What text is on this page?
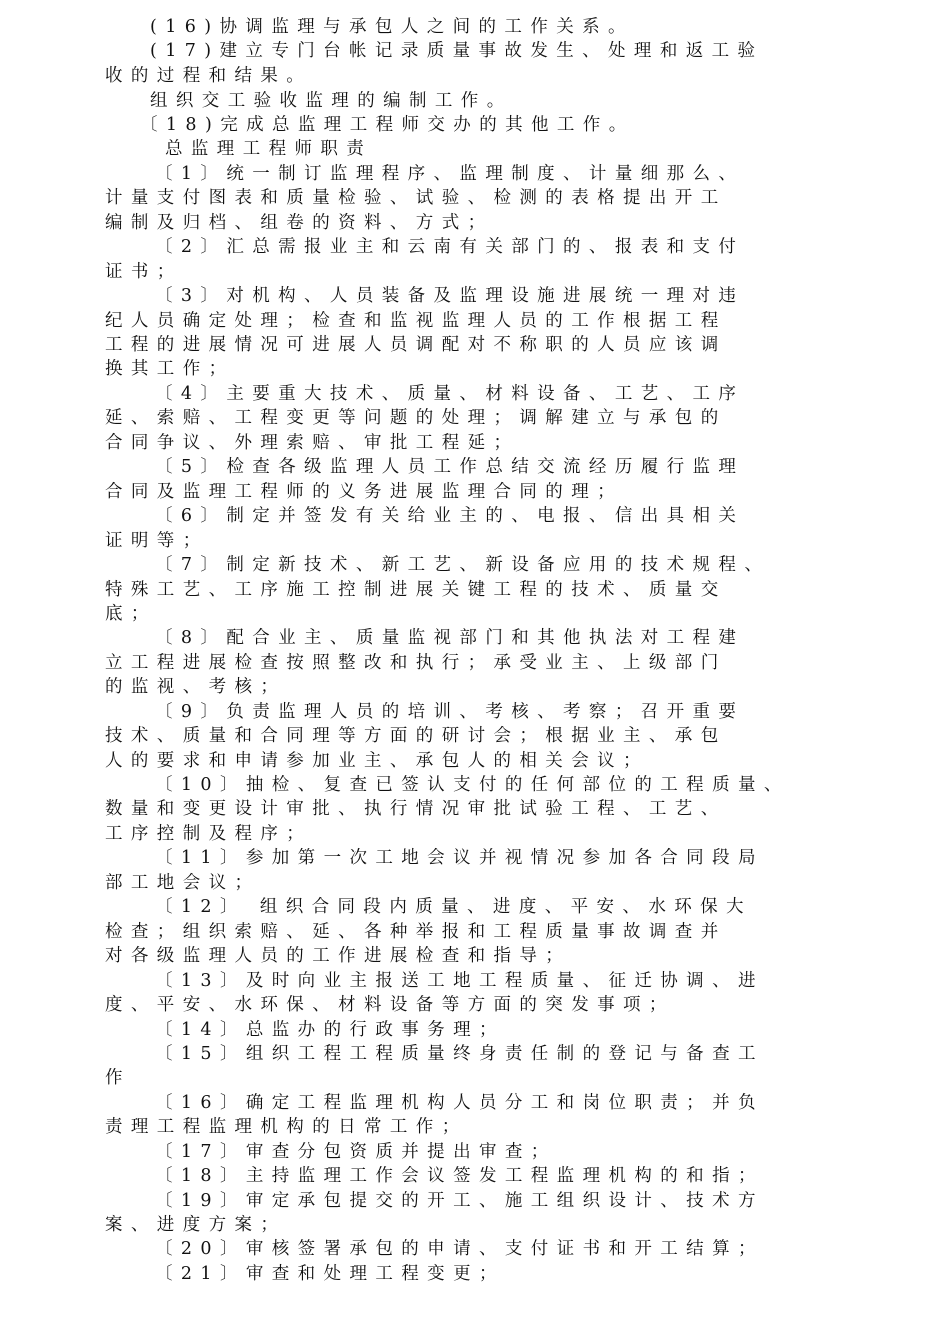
(16)协调监理与承包人之间的工作关系。
(17)建立专门台帐记录质量事故发生、处理和返工验
收的过程和结果。
组织交工验收监理的编制工作。
〔18)完成总监理工程师交办的其他工作。
总监理工程师职责
〔1〕统一制订监理程序、监理制度、计量细那么、
计量支付图表和质量检验、试验、检测的表格提出开工
编制及归档、组卷的资料、方式；
〔2〕汇总需报业主和云南有关部门的、报表和支付
证书；
〔3〕对机构、人员装备及监理设施进展统一理对违
纪人员确定处理；检查和监视监理人员的工作根据工程
工程的进展情况可进展人员调配对不称职的人员应该调
换其工作；
〔4〕主要重大技术、质量、材料设备、工艺、工序
延、索赔、工程变更等问题的处理；调解建立与承包的
合同争议、外理索赔、审批工程延；
〔5〕检查各级监理人员工作总结交流经历履行监理
合同及监理工程师的义务进展监理合同的理；
〔6〕制定并签发有关给业主的、电报、信出具相关
证明等；
〔7〕制定新技术、新工艺、新设备应用的技术规程、
特殊工艺、工序施工控制进展关键工程的技术、质量交
底；
〔8〕配合业主、质量监视部门和其他执法对工程建
立工程进展检查按照整改和执行；承受业主、上级部门
的监视、考核；
〔9〕负责监理人员的培训、考核、考察；召开重要
技术、质量和合同理等方面的研讨会；根据业主、承包
人的要求和申请参加业主、承包人的相关会议；
〔10〕抽检、复查已签认支付的任何部位的工程质量、
数量和变更设计审批、执行情况审批试验工程、工艺、
工序控制及程序；
〔11〕参加第一次工地会议并视情况参加各合同段局
部工地会议；
〔12〕 组织合同段内质量、进度、平安、水环保大
检查；组织索赔、延、各种举报和工程质量事故调查并
对各级监理人员的工作进展检查和指导；
〔13〕及时向业主报送工地工程质量、征迁协调、进
度、平安、水环保、材料设备等方面的突发事项；
〔14〕总监办的行政事务理；
〔15〕组织工程工程质量终身责任制的登记与备查工
作
〔16〕确定工程监理机构人员分工和岗位职责；并负
责理工程监理机构的日常工作；
〔17〕审查分包资质并提出审查；
〔18〕主持监理工作会议签发工程监理机构的和指；
〔19〕审定承包提交的开工、施工组织设计、技术方
案、进度方案；
〔20〕审核签署承包的申请、支付证书和开工结算；
〔21〕审查和处理工程变更；
